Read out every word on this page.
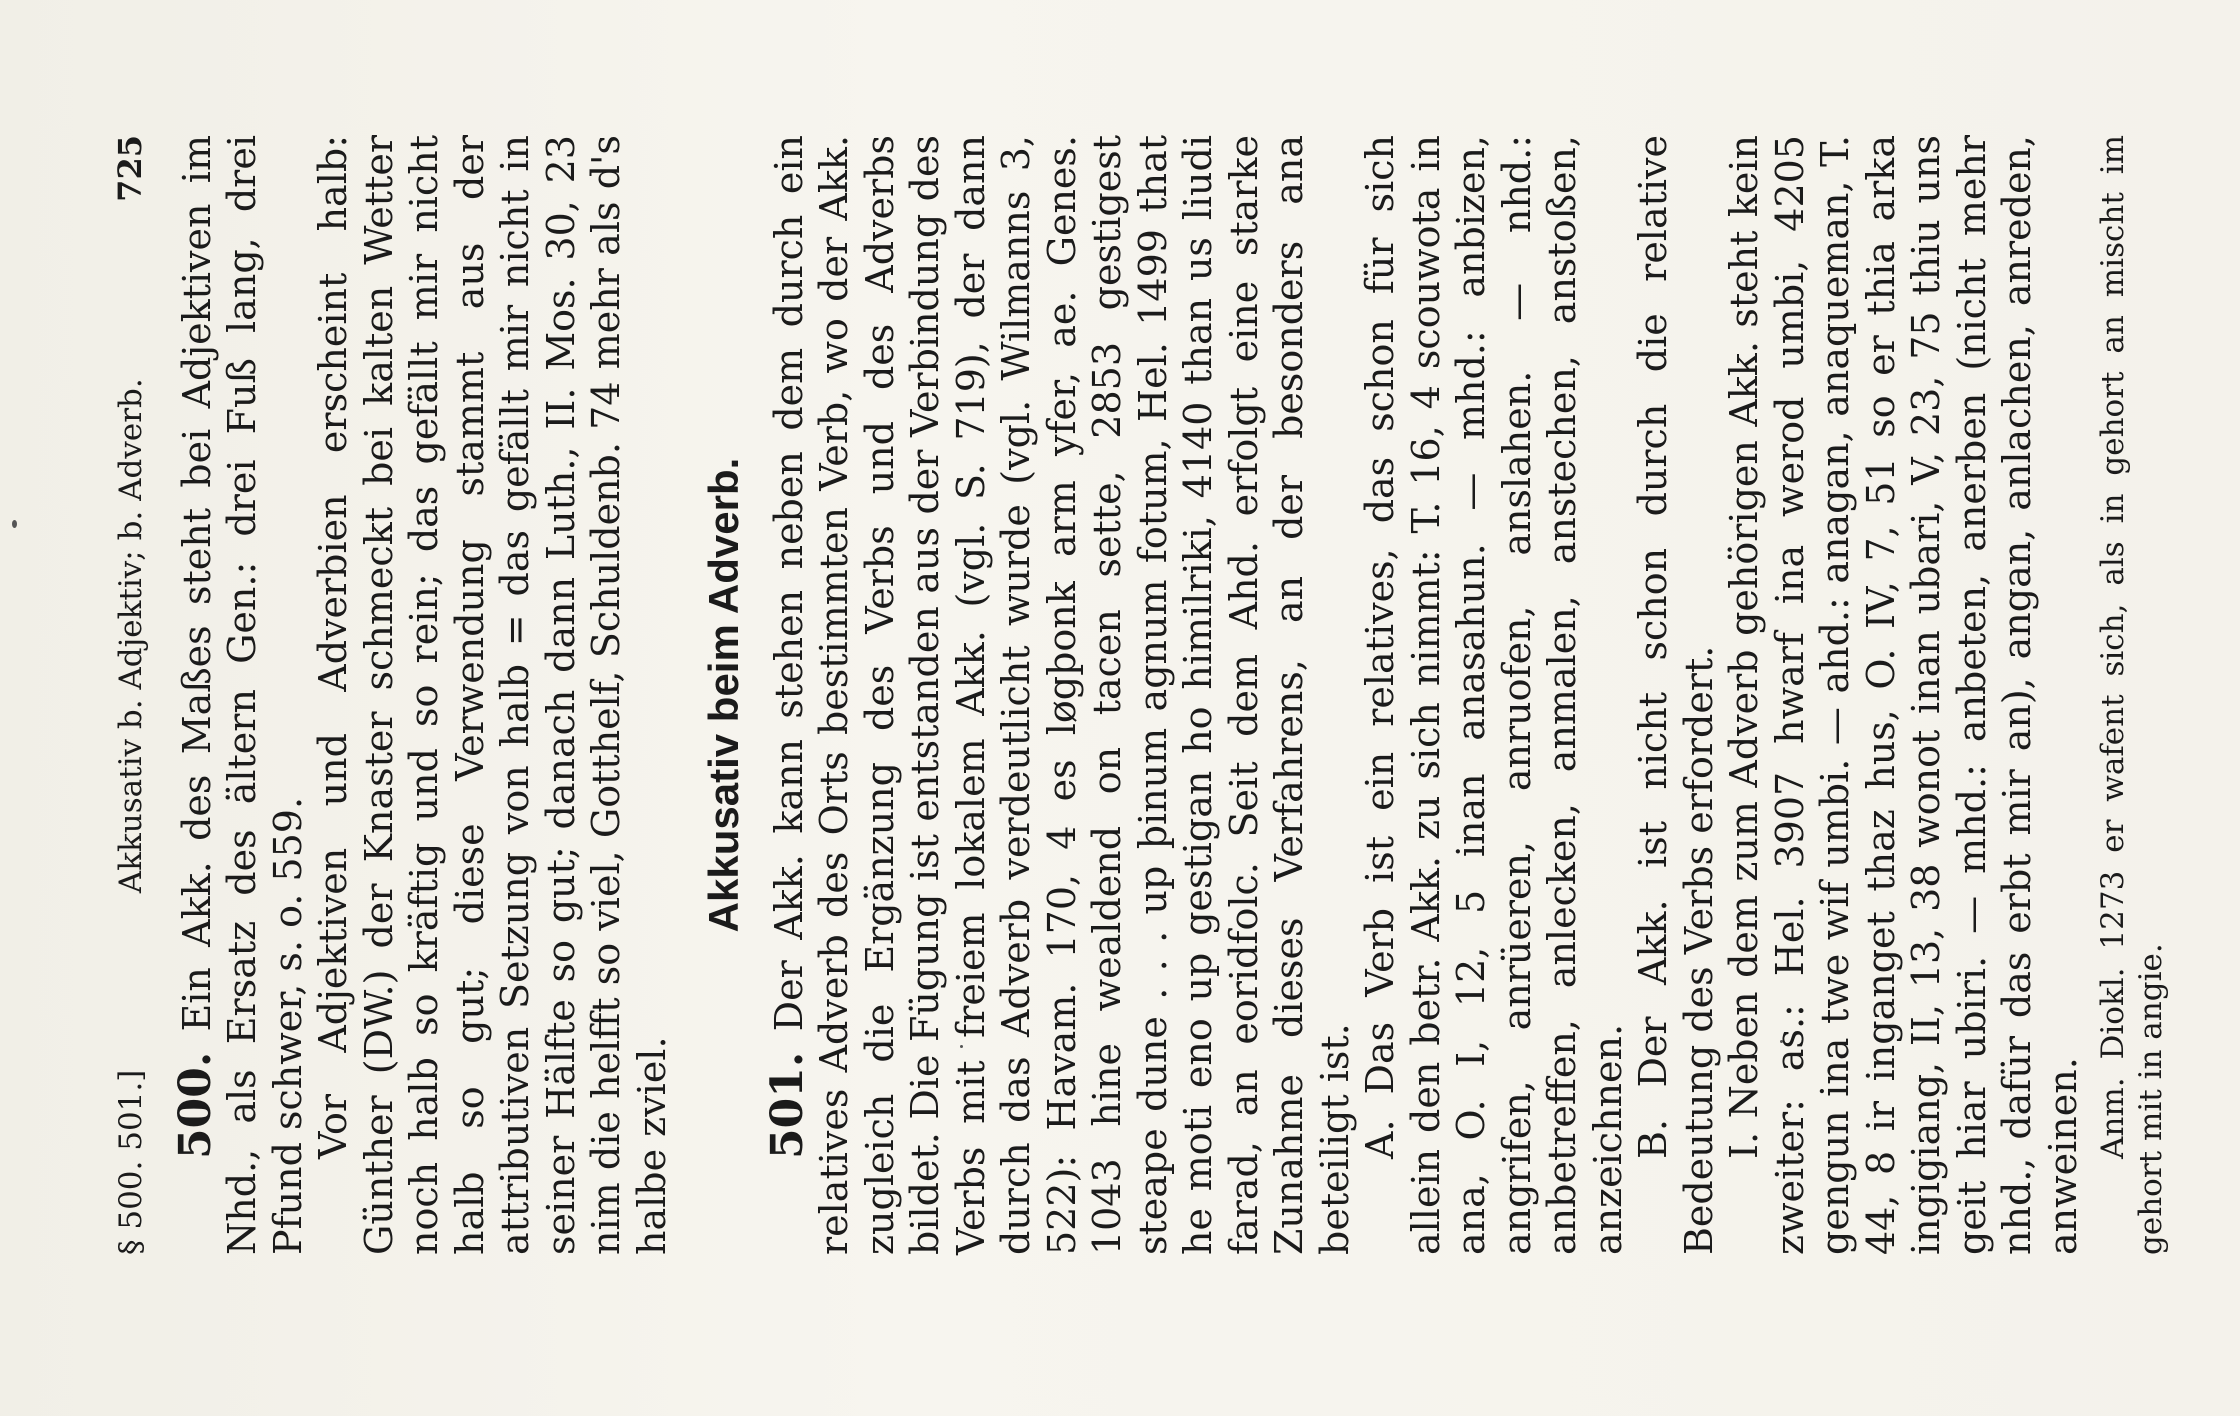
§ 500. 501.]
Akkusativ b. Adjektiv; b. Adverb.
725

500. Ein Akk. des Maßes steht bei Adjektiven im Nhd., als Ersatz des ältern Gen.: drei Fuß lang, drei Pfund schwer, s. o. 559. Vor Adjektiven und Adverbien erscheint halb: Günther (DW.) der Knaster schmeckt bei kalten Wetter noch halb so kräftig und so rein; das gefällt mir nicht halb so gut; diese Verwendung stammt aus der attributiven Setzung von halb = das gefällt mir nicht in seiner Hälfte so gut; danach dann Luth., II. Mos. 30, 23 nim die helfft so viel, Gotthelf, Schuldenb. 74 mehr als d's halbe zviel.

Akkusativ beim Adverb.

501. Der Akk. kann stehen neben dem durch ein relatives Adverb des Orts bestimmten Verb, wo der Akk. zugleich die Ergänzung des Verbs und des Adverbs bildet. Die Fügung ist entstanden aus der Verbindung des Verbs mit freiem lokalem Akk. (vgl. S. 719), der dann durch das Adverb verdeutlicht wurde (vgl. Wilmanns 3, 522): Havam. 170, 4 es løgþonk arm yfer, ae. Genes. 1043 hine wealdend on tacen sette, 2853 gestigest steape dune . . . up þinum agnum fotum, Hel. 1499 that he moti eno up gestigan ho himilriki, 4140 than us liudi farad, an eoridfolc. Seit dem Ahd. erfolgt eine starke Zunahme dieses Verfahrens, an der besonders ana beteiligt ist. A. Das Verb ist ein relatives, das schon für sich allein den betr. Akk. zu sich nimmt: T. 16, 4 scouwota in ana, O. I, 12, 5 inan anasahun. — mhd.: anbizen, angrifen, anrüeren, anruofen, anslahen. — nhd.: anbetreffen, anlecken, anmalen, anstechen, anstoßen, anzeichnen. B. Der Akk. ist nicht schon durch die relative Bedeutung des Verbs erfordert. I. Neben dem zum Adverb gehörigen Akk. steht kein zweiter: as.: Hel. 3907 hwarf ina werod umbi, 4205 gengun ina twe wif umbi. — ahd.: anagan, anaqueman, T. 44, 8 ir inganget thaz hus, O. IV, 7, 51 so er thia arka ingigiang, II, 13, 38 wonot inan ubari, V, 23, 75 thiu uns geit hiar ubiri. — mhd.: anbeten, anerben (nicht mehr nhd., dafür das erbt mir an), angan, anlachen, anreden, anweinen. Anm. Diokl. 1273 er wafent sich, als in gehort an mischt im gehort mit in angie.
